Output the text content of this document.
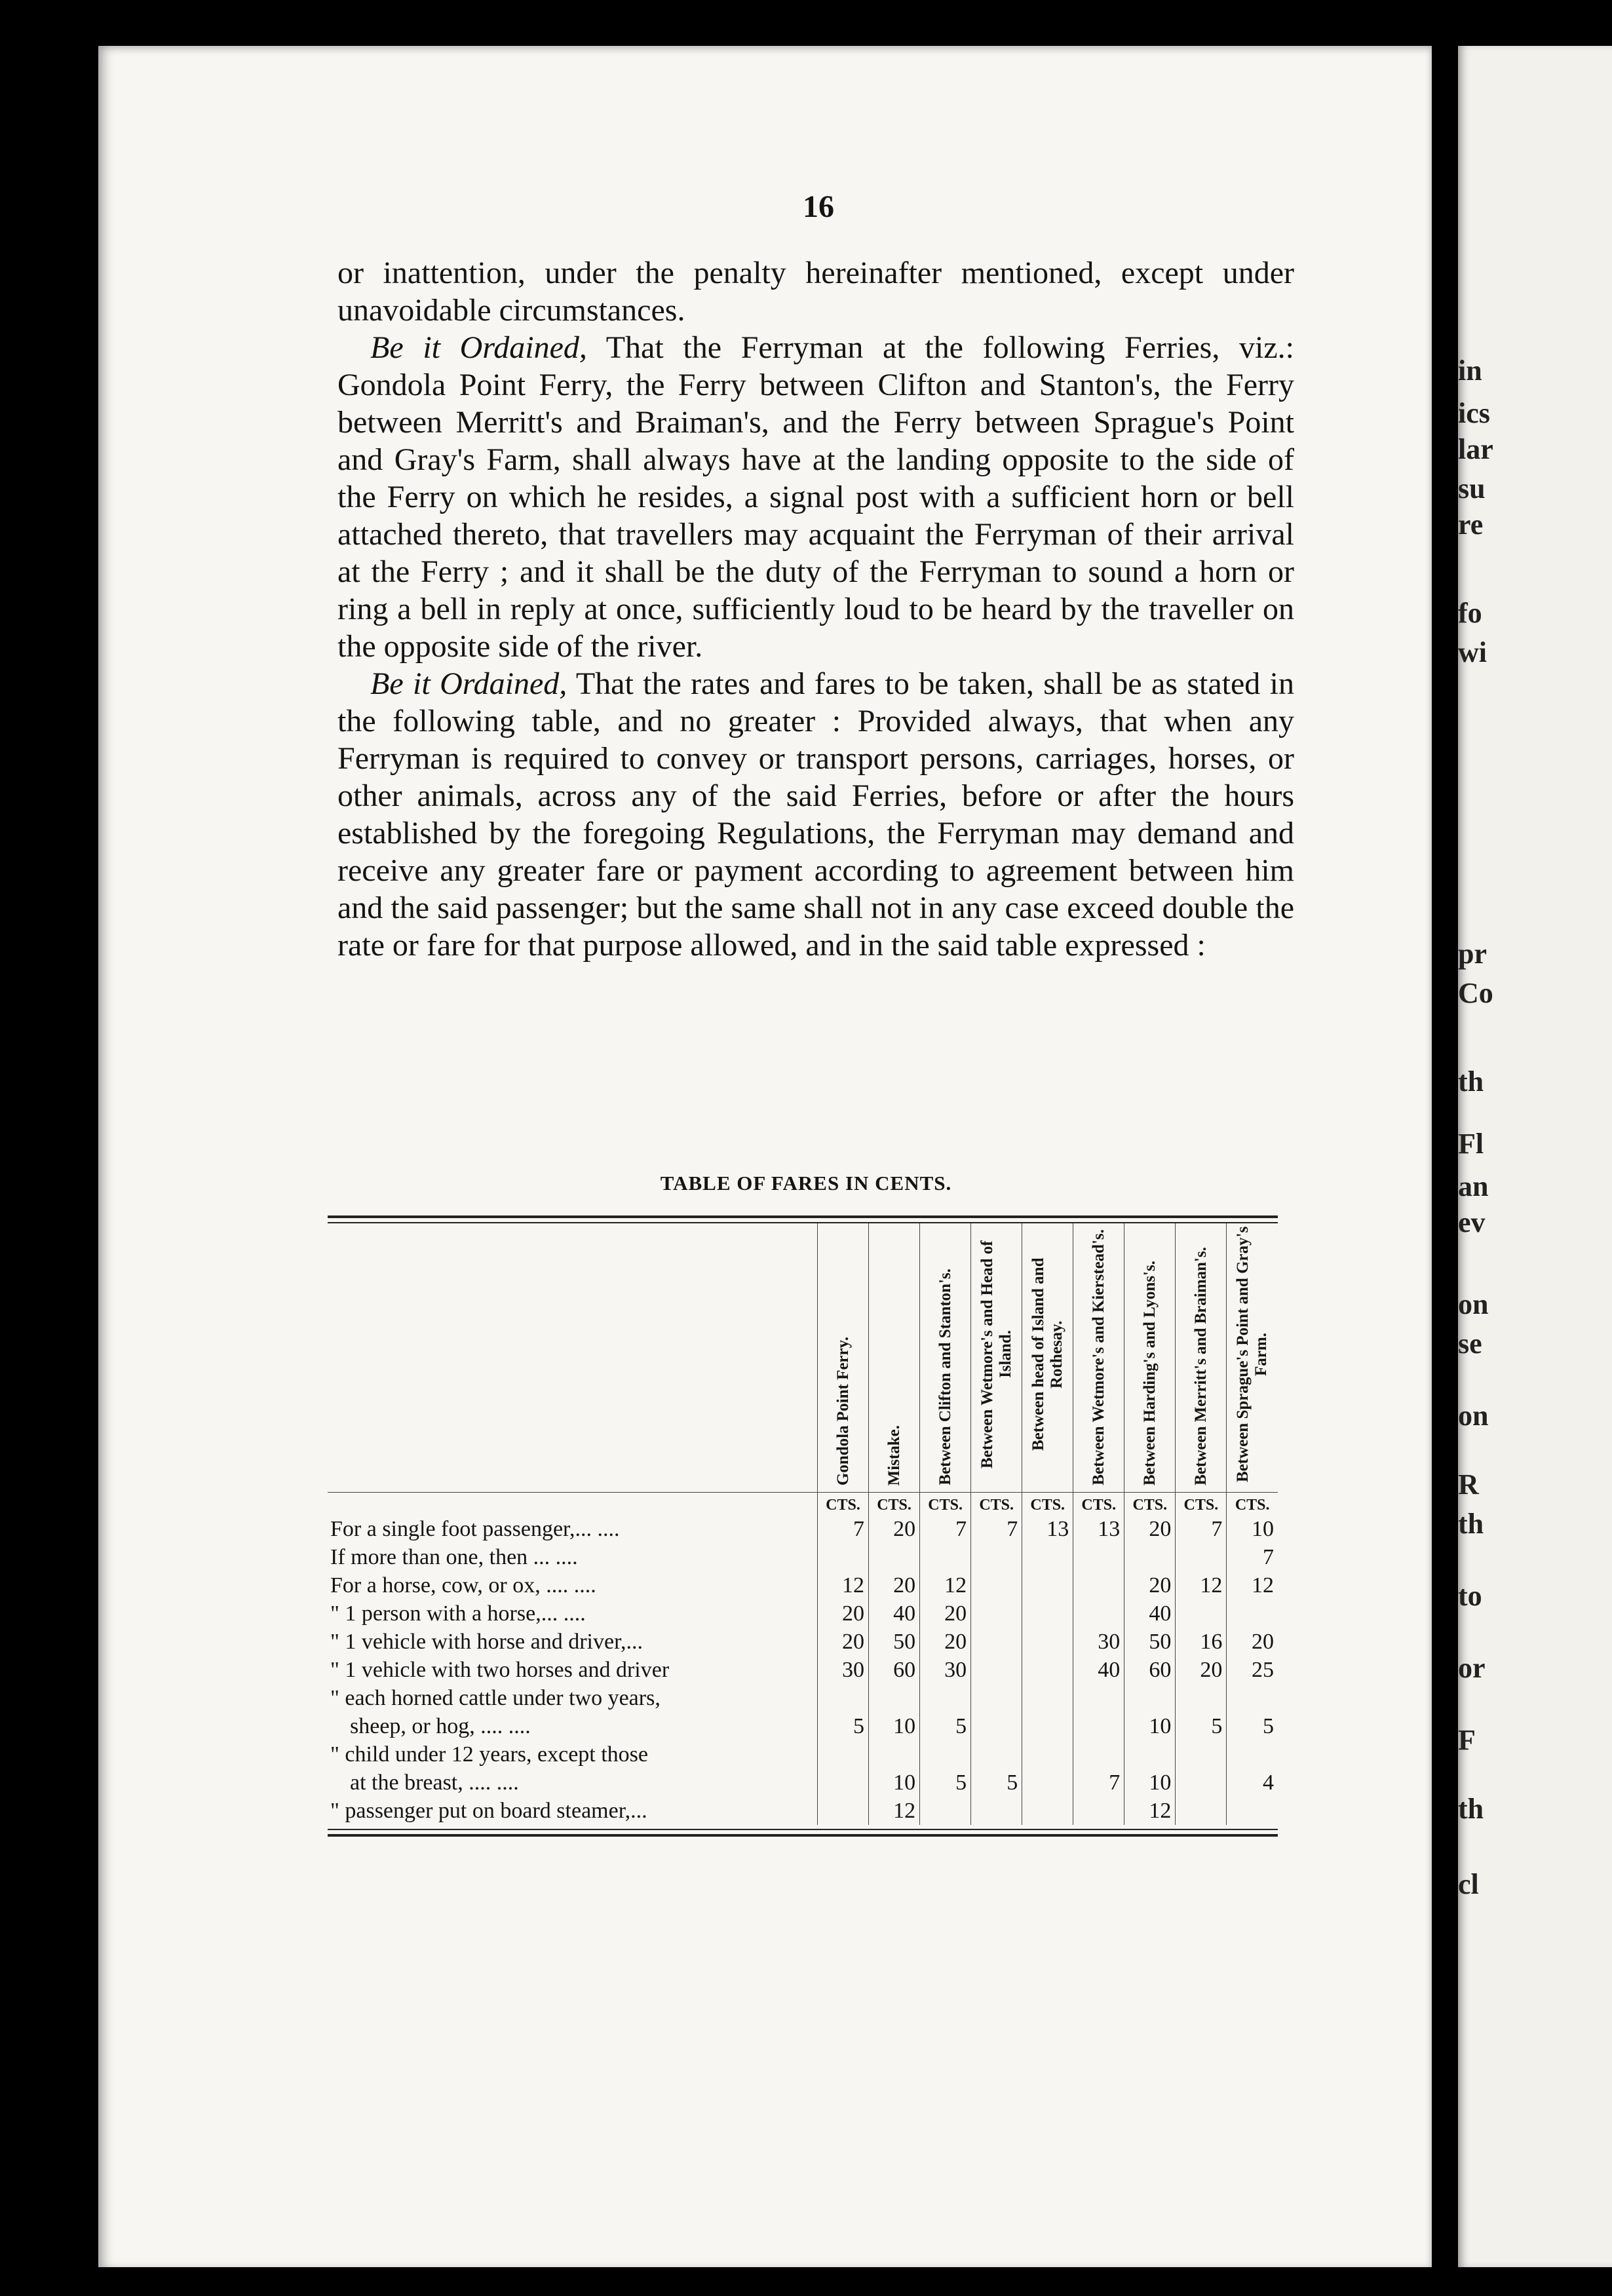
in
ics
lar
su
re
fo
wi
pr
Co
th
Fl
an
ev
on
se
on
R
th
to
or
F
th
cl
16

or inattention, under the penalty hereinafter mentioned, except under unavoidable circumstances.

Be it Ordained, That the Ferryman at the following Ferries, viz.: Gondola Point Ferry, the Ferry between Clifton and Stanton's, the Ferry between Merritt's and Braiman's, and the Ferry between Sprague's Point and Gray's Farm, shall always have at the landing opposite to the side of the Ferry on which he resides, a signal post with a sufficient horn or bell attached thereto, that travellers may acquaint the Ferryman of their arrival at the Ferry ; and it shall be the duty of the Ferryman to sound a horn or ring a bell in reply at once, sufficiently loud to be heard by the traveller on the opposite side of the river.

Be it Ordained, That the rates and fares to be taken, shall be as stated in the following table, and no greater : Provided always, that when any Ferryman is required to convey or transport persons, carriages, horses, or other animals, across any of the said Ferries, before or after the hours established by the foregoing Regulations, the Ferryman may demand and receive any greater fare or payment according to agreement between him and the said passenger; but the same shall not in any case exceed double the rate or fare for that purpose allowed, and in the said table expressed :

TABLE OF FARES IN CENTS.

	Gondola Point Ferry.	Mistake.	Between Clifton and Stanton's.	Between Wetmore's and Head of Island.	Between head of Island and Rothesay.	Between Wetmore's and Kierstead's.	Between Harding's and Lyons's.	Between Merritt's and Braiman's.	Between Sprague's Point and Gray's Farm.

	CTS.	CTS.	CTS.	CTS.	CTS.	CTS.	CTS.	CTS.	CTS.
For a single foot passenger,... ....	7	20	7	7	13	13	20	7	10
If more than one, then ... ....									7
For a horse, cow, or ox, .... ....	12	20	12				20	12	12
" 1 person with a horse,... ....	20	40	20				40		
" 1 vehicle with horse and driver,...	20	50	20			30	50	16	20
" 1 vehicle with two horses and driver	30	60	30			40	60	20	25
" each horned cattle under two years,									
sheep, or hog, .... ....	5	10	5				10	5	5
" child under 12 years, except those									
at the breast, .... ....		10	5	5		7	10		4
" passenger put on board steamer,...		12					12		
